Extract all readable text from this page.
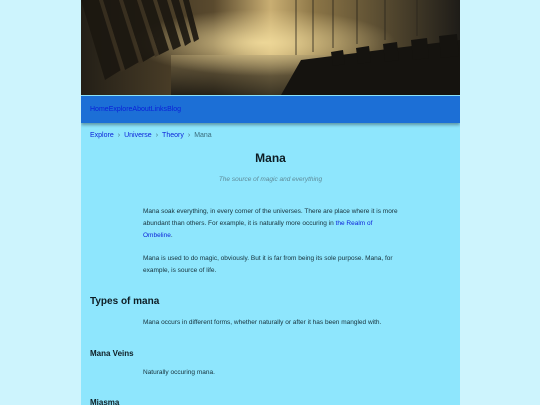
HomeExploreAboutLinksBlog
Explore › Universe › Theory › Mana
Mana
The source of magic and everything
Mana soak everything, in every corner of the universes. There are place where it is more abundant than others. For example, it is naturally more occuring in the Realm of Ombeline.
Mana is used to do magic, obviously. But it is far from being its sole purpose. Mana, for example, is source of life.
Types of mana
Mana occurs in different forms, whether naturally or after it has been mangled with.
Mana Veins
Naturally occuring mana.
Miasma
